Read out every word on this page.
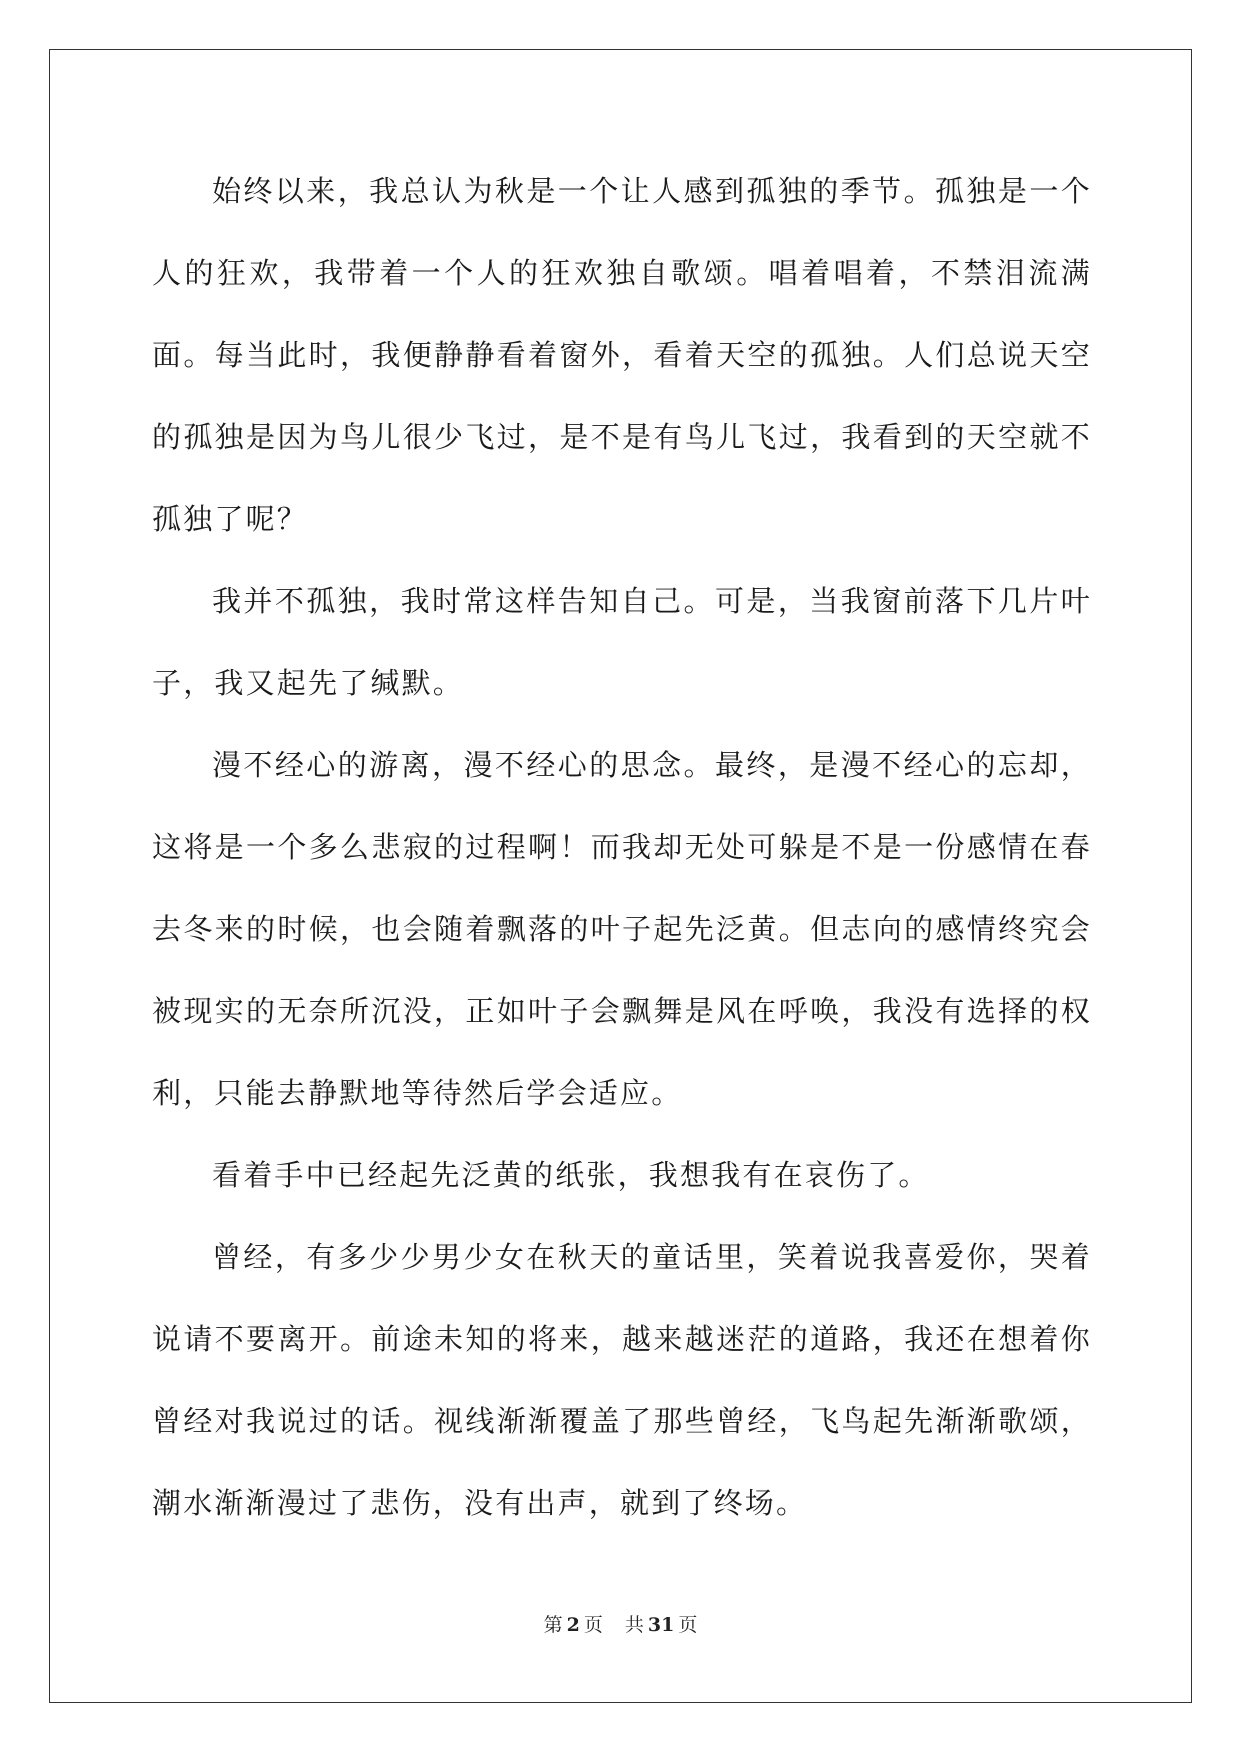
始终以来，我总认为秋是一个让人感到孤独的季节。孤独是一个人的狂欢，我带着一个人的狂欢独自歌颂。唱着唱着，不禁泪流满面。每当此时，我便静静看着窗外，看着天空的孤独。人们总说天空的孤独是因为鸟儿很少飞过，是不是有鸟儿飞过，我看到的天空就不孤独了呢？

我并不孤独，我时常这样告知自己。可是，当我窗前落下几片叶子，我又起先了缄默。

漫不经心的游离，漫不经心的思念。最终，是漫不经心的忘却，这将是一个多么悲寂的过程啊！而我却无处可躲是不是一份感情在春去冬来的时候，也会随着飘落的叶子起先泛黄。但志向的感情终究会被现实的无奈所沉没，正如叶子会飘舞是风在呼唤，我没有选择的权利，只能去静默地等待然后学会适应。

看着手中已经起先泛黄的纸张，我想我有在哀伤了。

曾经，有多少少男少女在秋天的童话里，笑着说我喜爱你，哭着说请不要离开。前途未知的将来，越来越迷茫的道路，我还在想着你曾经对我说过的话。视线渐渐覆盖了那些曾经，飞鸟起先渐渐歌颂，潮水渐渐漫过了悲伤，没有出声，就到了终场。

第 2 页 共 31 页
